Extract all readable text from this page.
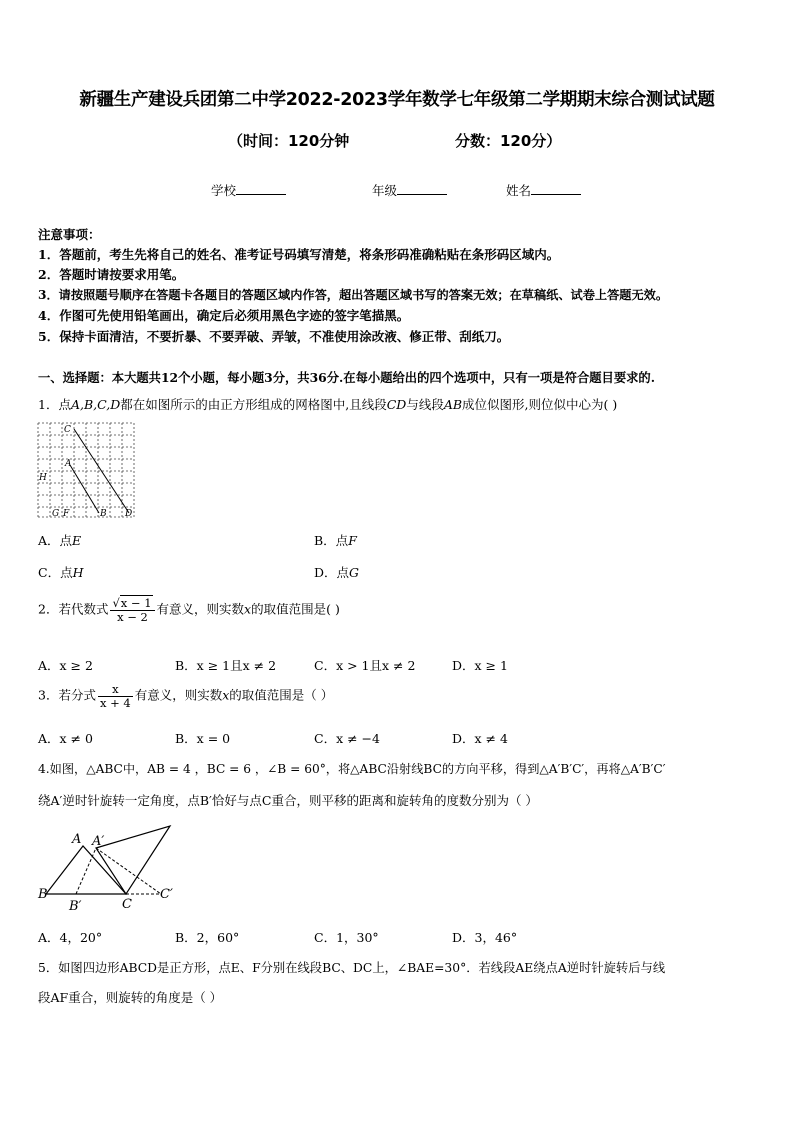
新疆生产建设兵团第二中学2022-2023学年数学七年级第二学期期末综合测试试题
（时间：120分钟	分数：120分）
学校	年级	姓名
注意事项：
1．答题前，考生先将自己的姓名、准考证号码填写清楚，将条形码准确粘贴在条形码区域内。
2．答题时请按要求用笔。
3．请按照题号顺序在答题卡各题目的答题区域内作答，超出答题区域书写的答案无效；在草稿纸、试卷上答题无效。
4．作图可先使用铅笔画出，确定后必须用黑色字迹的签字笔描黑。
5．保持卡面清洁，不要折暴、不要弄破、弄皱，不准使用涂改液、修正带、刮纸刀。
一、选择题：本大题共12个小题，每小题3分，共36分.在每小题给出的四个选项中，只有一项是符合题目要求的.
1．点A,B,C,D都在如图所示的由正方形组成的网格图中,且线段CD与线段AB成位似图形,则位似中心为( )
C
A
H
G F	B D
A．点E	B．点F
C．点H	D．点G
2．若代数式 $\frac{√x - 1}{x - 2}$ 有意义，则实数x的取值范围是( )
A．x ≥ 2	B．x ≥ 1且x ≠ 2	C．x > 1且x ≠ 2	D．x ≥ 1
3．若分式 $\frac{x}{x + 4}$ 有意义，则实数x的取值范围是（ ）
A．x ≠ 0	B．x = 0	C．x ≠ −4	D．x ≠ 4
4.如图，△ABC中，AB = 4 ，BC = 6 ，∠B = 60°，将△ABC沿射线BC的方向平移，得到△A′B′C′，再将△A′B′C′
绕A′逆时针旋转一定角度，点B′恰好与点C重合，则平移的距离和旋转角的度数分别为（ ）
A A′
B
B′	C
C′
A．4，20°	B．2，60°	C．1，30°	D．3，46°
5．如图四边形ABCD是正方形，点E、F分别在线段BC、DC上，∠BAE=30°．若线段AE绕点A逆时针旋转后与线
段AF重合，则旋转的角度是（ ）
